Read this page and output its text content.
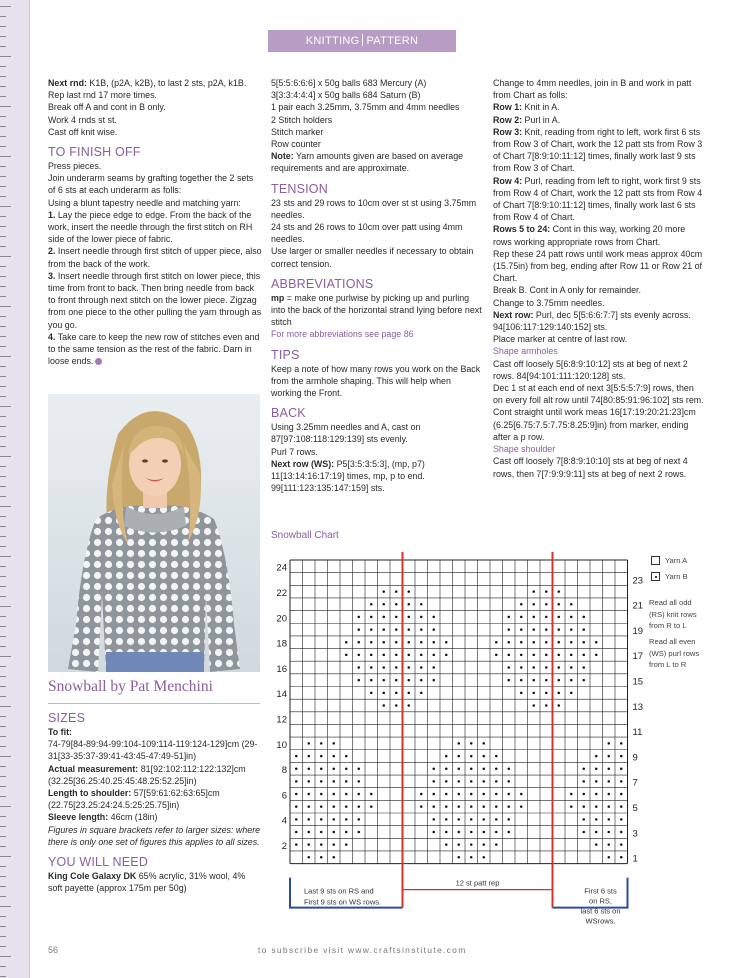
KNITTING PATTERN INSTRUCTIONS

Next rnd: K1B, (p2A, k2B), to last 2 sts, p2A, k1B.

Rep last rnd 17 more times.

Break off A and cont in B only.

Work 4 rnds st st.

Cast off knit wise.

TO FINISH OFF

Press pieces.

Join underarm seams by grafting together the 2 sets of 6 sts at each underarm as folls:

Using a blunt tapestry needle and matching yarn:

1. Lay the piece edge to edge. From the back of the work, insert the needle through the first stitch on RH side of the lower piece of fabric.

2. Insert needle through first stitch of upper piece, also from the back of the work.

3. Insert needle through first stitch on lower piece, this time from front to back. Then bring needle from back to front through next stitch on the lower piece. Zigzag from one piece to the other pulling the yarn through as you go.

4. Take care to keep the new row of stitches even and to the same tension as the rest of the fabric. Darn in loose ends.

Snowball by Pat Menchini
SIZES

To fit:

74-79[84-89:94-99:104-109:114-119:124-129]cm (29-31[33-35:37-39:41-43:45-47:49-51]in)

Actual measurement: 81[92:102:112:122:132]cm (32.25[36.25:40.25:45:48.25:52.25]in)

Length to shoulder: 57[59:61:62:63:65]cm (22.75[23.25:24:24.5:25:25.75]in)

Sleeve length: 46cm (18in)

Figures in square brackets refer to larger sizes: where there is only one set of figures this applies to all sizes.

YOU WILL NEED

King Cole Galaxy DK 65% acrylic, 31% wool, 4% soft payette (approx 175m per 50g)

5[5:5:6:6:6] x 50g balls 683 Mercury (A)

3[3:3:4:4:4] x 50g balls 684 Saturn (B)

1 pair each 3.25mm, 3.75mm and 4mm needles

2 Stitch holders

Stitch marker

Row counter

Note: Yarn amounts given are based on average requirements and are approximate.

TENSION

23 sts and 29 rows to 10cm over st st using 3.75mm needles.

24 sts and 26 rows to 10cm over patt using 4mm needles.

Use larger or smaller needles if necessary to obtain correct tension.

ABBREVIATIONS

mp = make one purlwise by picking up and purling into the back of the horizontal strand lying before next stitch

For more abbreviations see page 86

TIPS

Keep a note of how many rows you work on the Back from the armhole shaping. This will help when working the Front.

BACK

Using 3.25mm needles and A, cast on 87[97:108:118:129:139] sts evenly.

Purl 7 rows.

Next row (WS): P5[3:5:3:5:3], (mp, p7) 11[13:14:16:17:19] times, mp, p to end. 99[111:123:135:147:159] sts.

Change to 4mm needles, join in B and work in patt from Chart as folls:

Row 1: Knit in A.

Row 2: Purl in A.

Row 3: Knit, reading from right to left, work first 6 sts from Row 3 of Chart, work the 12 patt sts from Row 3 of Chart 7[8:9:10:11:12] times, finally work last 9 sts from Row 3 of Chart.

Row 4: Purl, reading from left to right, work first 9 sts from Row 4 of Chart, work the 12 patt sts from Row 4 of Chart 7[8:9:10:11:12] times, finally work last 6 sts from Row 4 of Chart.

Rows 5 to 24: Cont in this way, working 20 more rows working appropriate rows from Chart.

Rep these 24 patt rows until work meas approx 40cm (15.75in) from beg, ending after Row 11 or Row 21 of Chart.

Break B. Cont in A only for remainder.

Change to 3.75mm needles.

Next row: Purl, dec 5[5:6:6:7:7] sts evenly across. 94[106:117:129:140:152] sts.

Place marker at centre of last row.

Shape armholes

Cast off loosely 5[6:8:9:10:12] sts at beg of next 2 rows. 84[94:101:111:120:128] sts.

Dec 1 st at each end of next 3[5:5:5:7:9] rows, then on every foll alt row until 74[80:85:91:96:102] sts rem.

Cont straight until work meas 16[17:19:20:21:23]cm (6.25[6.75:7.5:7.75:8.25:9]in) from marker, ending after a p row.

Shape shoulder

Cast off loosely 7[8:8:9:10:10] sts at beg of next 4 rows, then 7[7:9:9:9:11] sts at beg of next 2 rows.

Snowball Chart
2
4
6
8
10
12
14
16
18
20
22
24
1
3
5
7
9
11
13
15
17
19
21
23
12 st patt rep
Last 9 sts on RS and First 9 sts on WS rows.
First 6 sts on RS, last 6 sts on WSrows.
Yarn A
Yarn B
Read all odd (RS) knit rows from R to L
Read all even (WS) purl rows from L to R
56	to subscribe visit www.craftsinstitute.com
